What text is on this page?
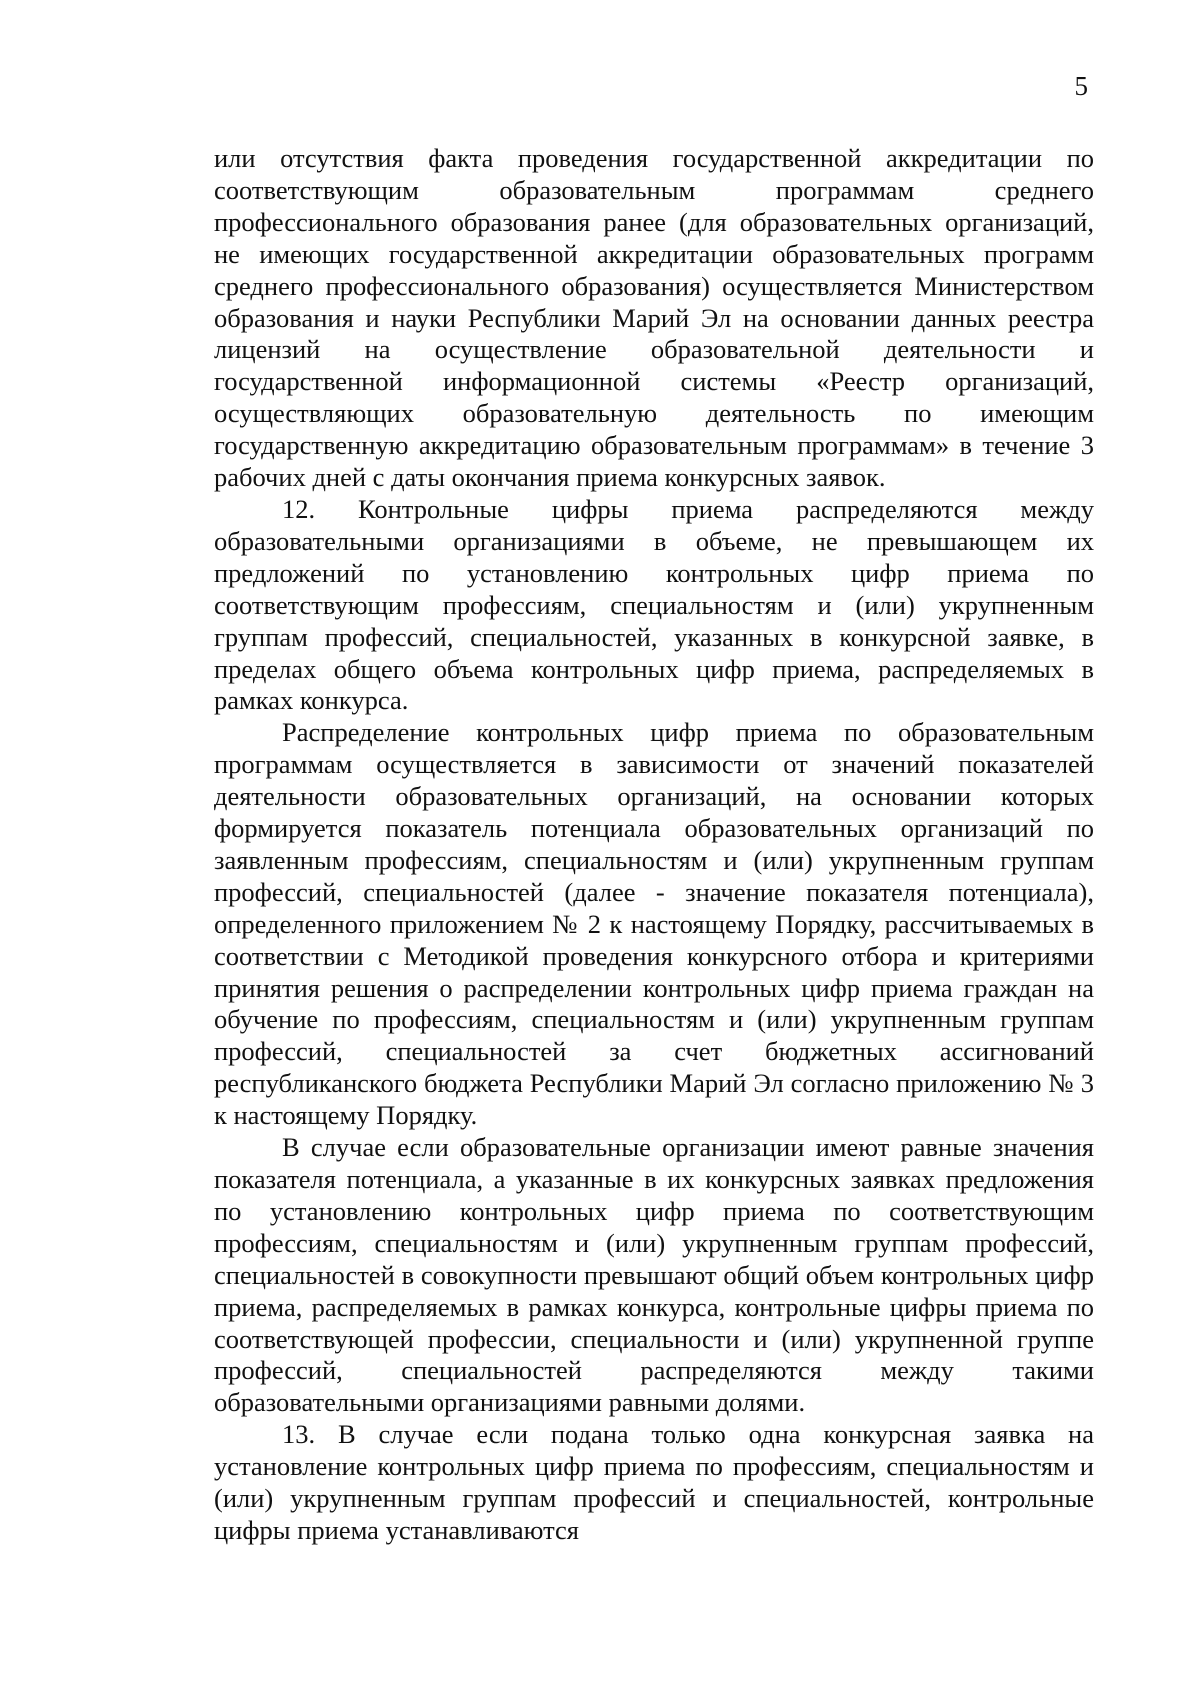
5

или отсутствия факта проведения государственной аккредитации по соответствующим образовательным программам среднего профессионального образования ранее (для образовательных организаций, не имеющих государственной аккредитации образовательных программ среднего профессионального образования) осуществляется Министерством образования и науки Республики Марий Эл на основании данных реестра лицензий на осуществление образовательной деятельности и государственной информационной системы «Реестр организаций, осуществляющих образовательную деятельность по имеющим государственную аккредитацию образовательным программам» в течение 3 рабочих дней с даты окончания приема конкурсных заявок.

12. Контрольные цифры приема распределяются между образовательными организациями в объеме, не превышающем их предложений по установлению контрольных цифр приема по соответствующим профессиям, специальностям и (или) укрупненным группам профессий, специальностей, указанных в конкурсной заявке, в пределах общего объема контрольных цифр приема, распределяемых в рамках конкурса.

Распределение контрольных цифр приема по образовательным программам осуществляется в зависимости от значений показателей деятельности образовательных организаций, на основании которых формируется показатель потенциала образовательных организаций по заявленным профессиям, специальностям и (или) укрупненным группам профессий, специальностей (далее - значение показателя потенциала), определенного приложением № 2 к настоящему Порядку, рассчитываемых в соответствии с Методикой проведения конкурсного отбора и критериями принятия решения о распределении контрольных цифр приема граждан на обучение по профессиям, специальностям и (или) укрупненным группам профессий, специальностей за счет бюджетных ассигнований республиканского бюджета Республики Марий Эл согласно приложению № 3 к настоящему Порядку.

В случае если образовательные организации имеют равные значения показателя потенциала, а указанные в их конкурсных заявках предложения по установлению контрольных цифр приема по соответствующим профессиям, специальностям и (или) укрупненным группам профессий, специальностей в совокупности превышают общий объем контрольных цифр приема, распределяемых в рамках конкурса, контрольные цифры приема по соответствующей профессии, специальности и (или) укрупненной группе профессий, специальностей распределяются между такими образовательными организациями равными долями.

13. В случае если подана только одна конкурсная заявка на установление контрольных цифр приема по профессиям, специальностям и (или) укрупненным группам профессий и специальностей, контрольные цифры приема устанавливаются
